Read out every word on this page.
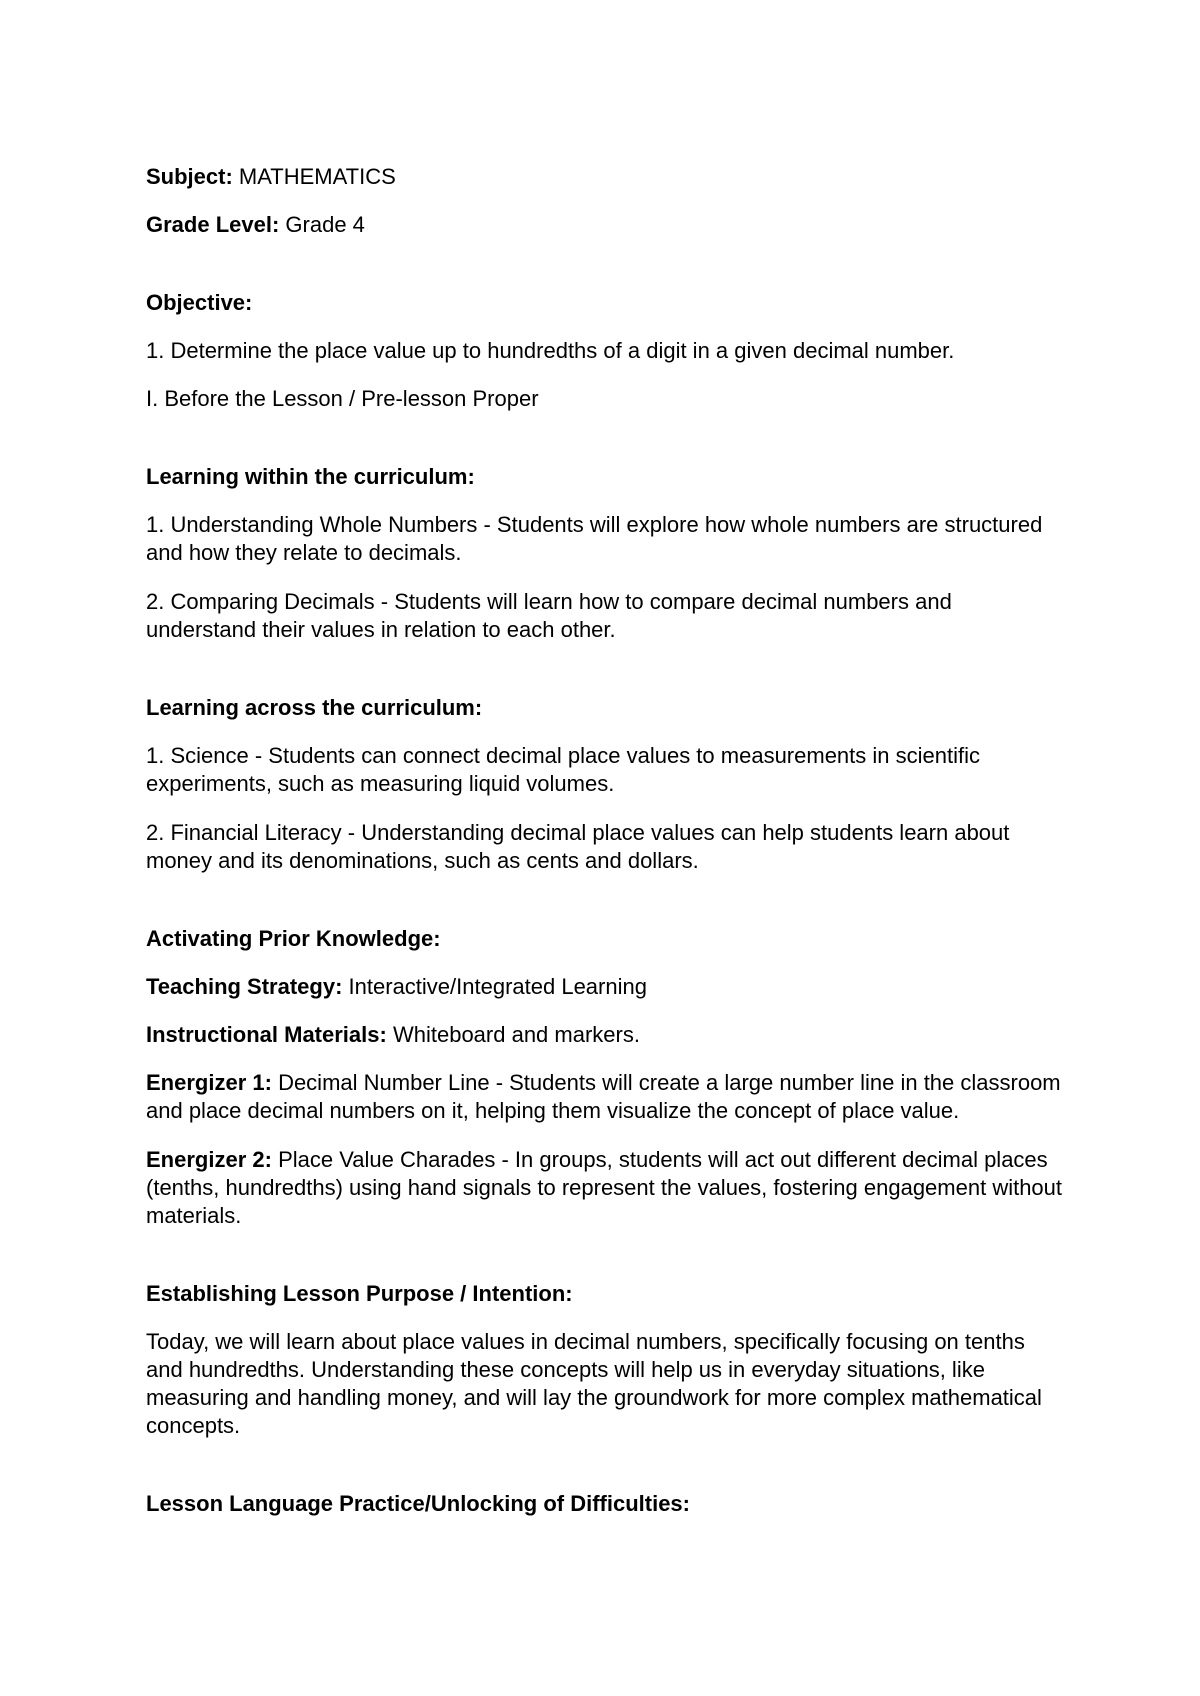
Subject: MATHEMATICS

Grade Level: Grade 4

Objective:

1. Determine the place value up to hundredths of a digit in a given decimal number.

I. Before the Lesson / Pre-lesson Proper

Learning within the curriculum:

1. Understanding Whole Numbers - Students will explore how whole numbers are structured and how they relate to decimals.

2. Comparing Decimals - Students will learn how to compare decimal numbers and understand their values in relation to each other.

Learning across the curriculum:

1. Science - Students can connect decimal place values to measurements in scientific experiments, such as measuring liquid volumes.

2. Financial Literacy - Understanding decimal place values can help students learn about money and its denominations, such as cents and dollars.

Activating Prior Knowledge:

Teaching Strategy: Interactive/Integrated Learning

Instructional Materials: Whiteboard and markers.

Energizer 1: Decimal Number Line - Students will create a large number line in the classroom and place decimal numbers on it, helping them visualize the concept of place value.

Energizer 2: Place Value Charades - In groups, students will act out different decimal places (tenths, hundredths) using hand signals to represent the values, fostering engagement without materials.

Establishing Lesson Purpose / Intention:

Today, we will learn about place values in decimal numbers, specifically focusing on tenths and hundredths. Understanding these concepts will help us in everyday situations, like measuring and handling money, and will lay the groundwork for more complex mathematical concepts.

Lesson Language Practice/Unlocking of Difficulties:
